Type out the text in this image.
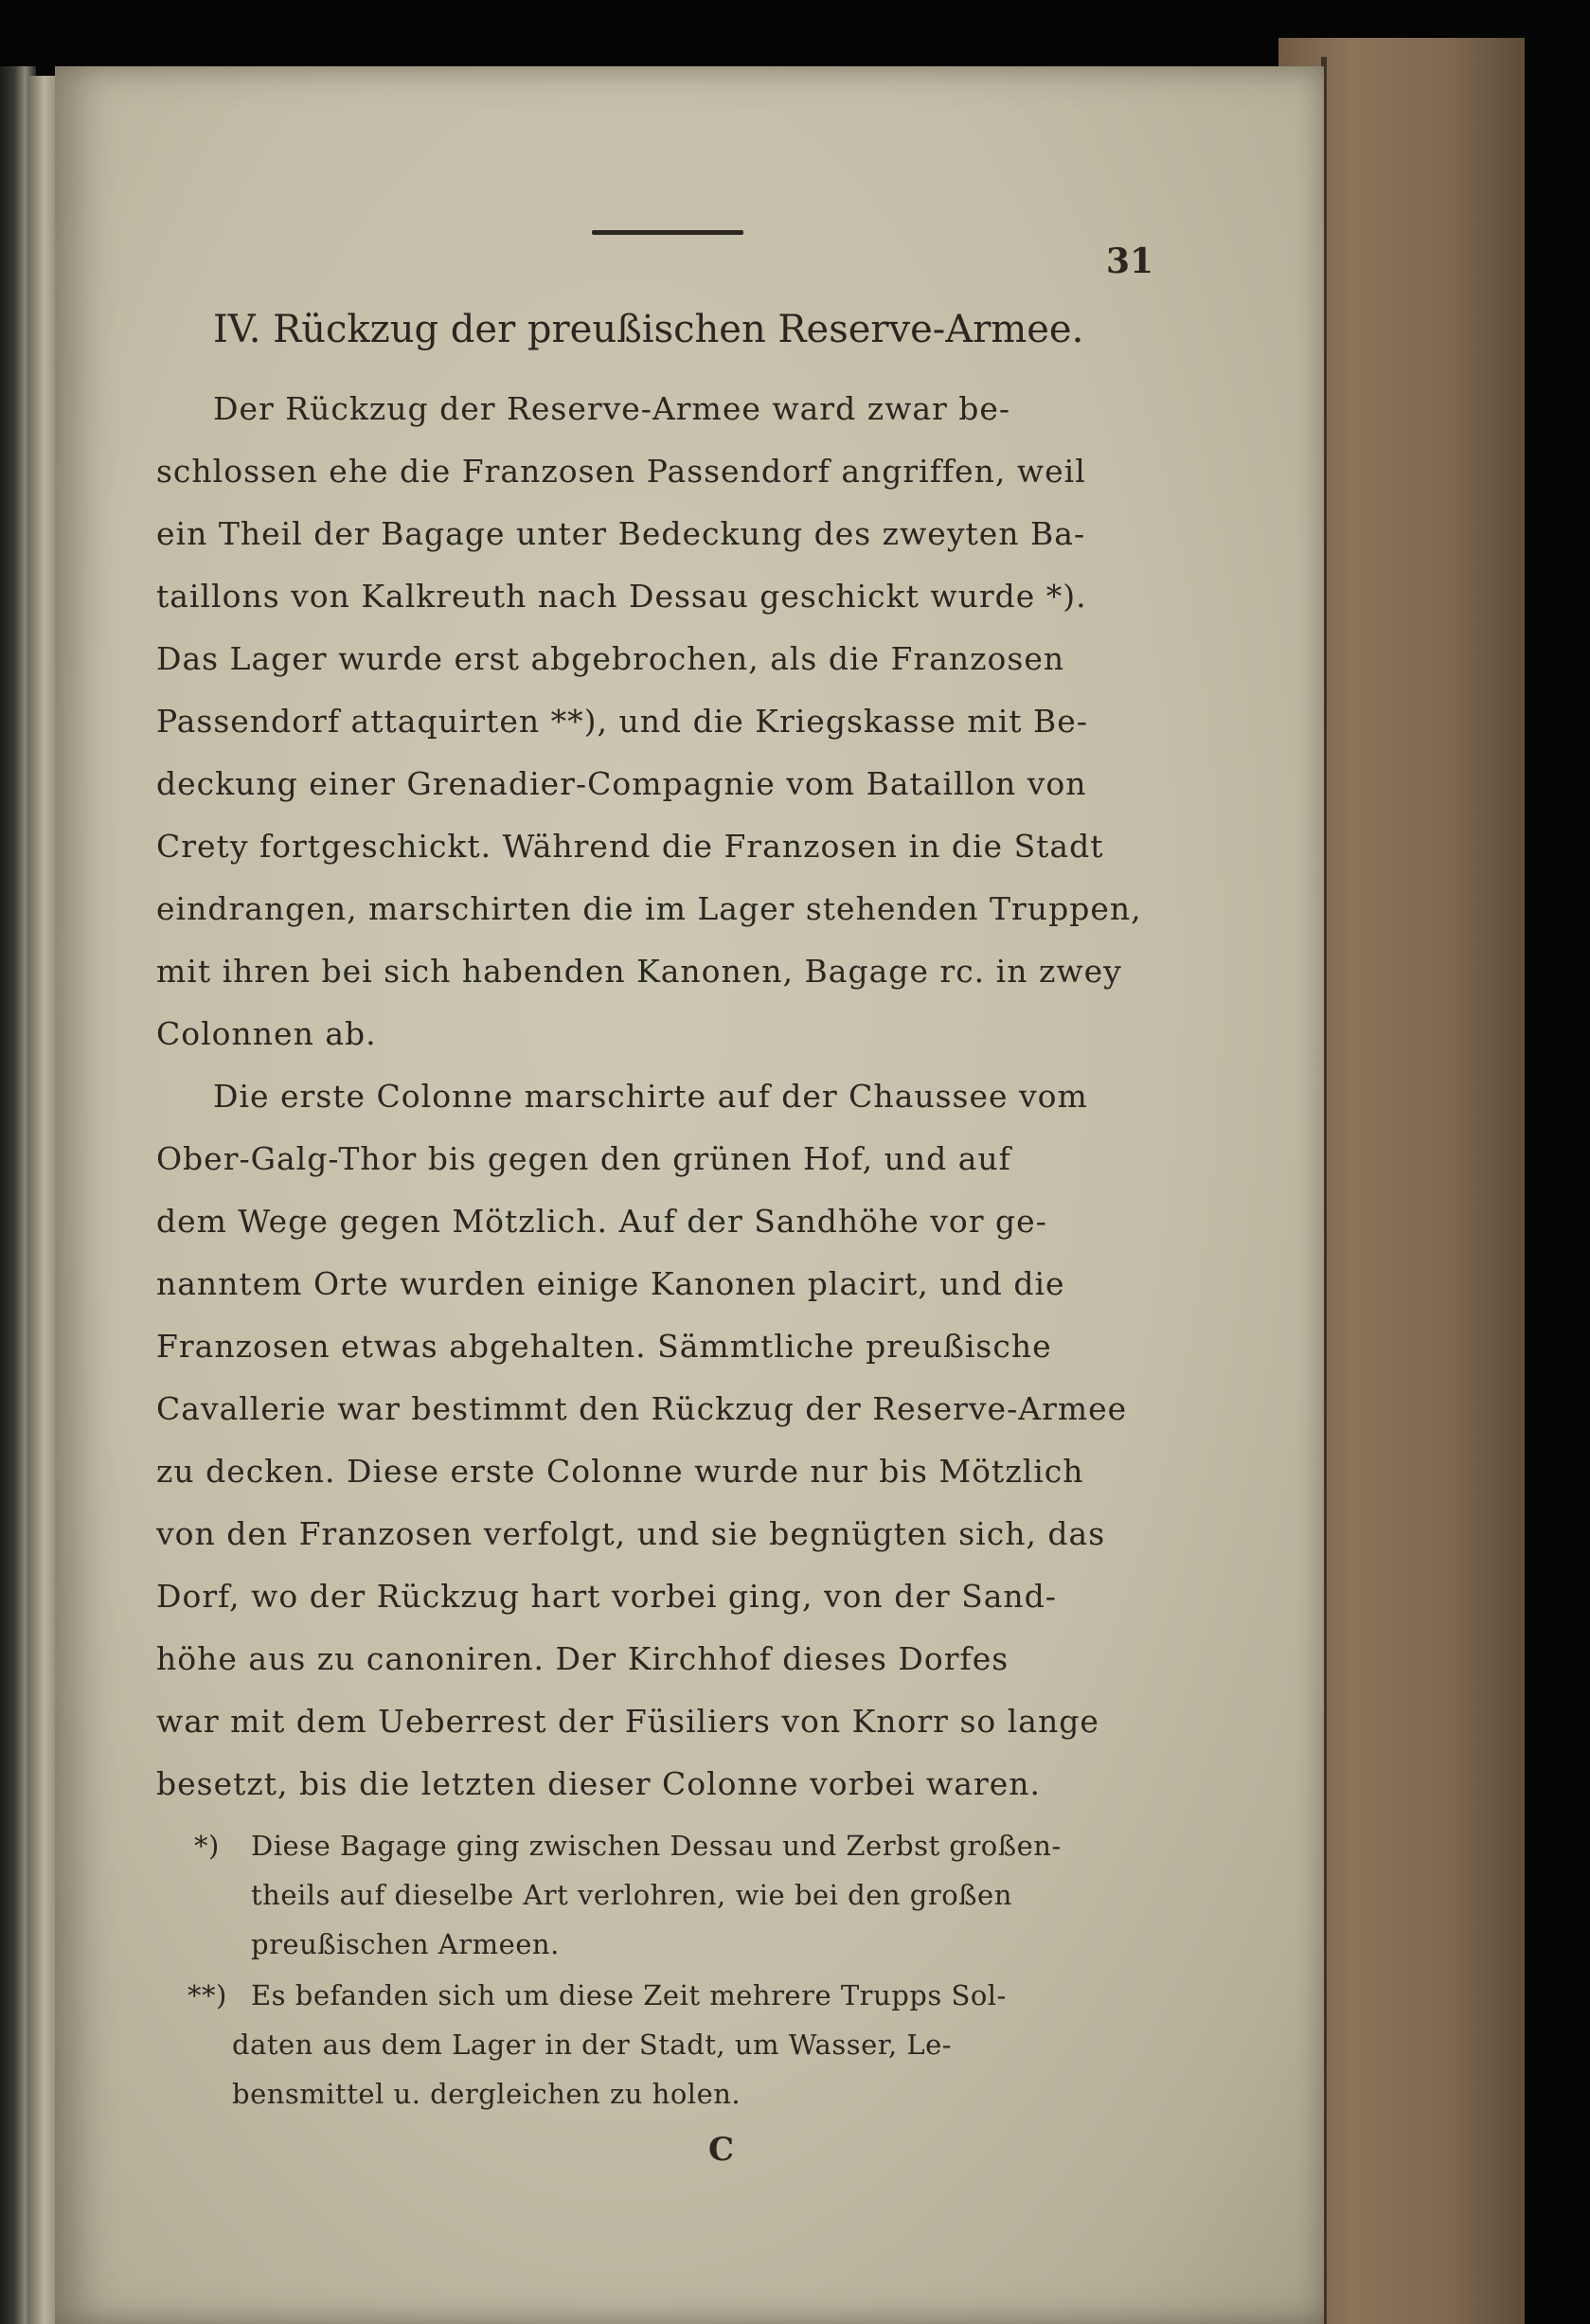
31
IV. Rückzug der preußischen Reserve-Armee.
Der Rückzug der Reserve-Armee ward zwar be-
schlossen ehe die Franzosen Passendorf angriffen, weil
ein Theil der Bagage unter Bedeckung des zweyten Ba-
taillons von Kalkreuth nach Dessau geschickt wurde *).
Das Lager wurde erst abgebrochen, als die Franzosen
Passendorf attaquirten **), und die Kriegskasse mit Be-
deckung einer Grenadier-Compagnie vom Bataillon von
Crety fortgeschickt. Während die Franzosen in die Stadt
eindrangen, marschirten die im Lager stehenden Truppen,
mit ihren bei sich habenden Kanonen, Bagage rc. in zwey
Colonnen ab.
Die erste Colonne marschirte auf der Chaussee vom
Ober-Galg-Thor bis gegen den grünen Hof, und auf
dem Wege gegen Mötzlich. Auf der Sandhöhe vor ge-
nanntem Orte wurden einige Kanonen placirt, und die
Franzosen etwas abgehalten. Sämmtliche preußische
Cavallerie war bestimmt den Rückzug der Reserve-Armee
zu decken. Diese erste Colonne wurde nur bis Mötzlich
von den Franzosen verfolgt, und sie begnügten sich, das
Dorf, wo der Rückzug hart vorbei ging, von der Sand-
höhe aus zu canoniren. Der Kirchhof dieses Dorfes
war mit dem Ueberrest der Füsiliers von Knorr so lange
besetzt, bis die letzten dieser Colonne vorbei waren.
*) Diese Bagage ging zwischen Dessau und Zerbst großen-
theils auf dieselbe Art verlohren, wie bei den großen
preußischen Armeen.
**) Es befanden sich um diese Zeit mehrere Trupps Sol-
daten aus dem Lager in der Stadt, um Wasser, Le-
bensmittel u. dergleichen zu holen.
C
